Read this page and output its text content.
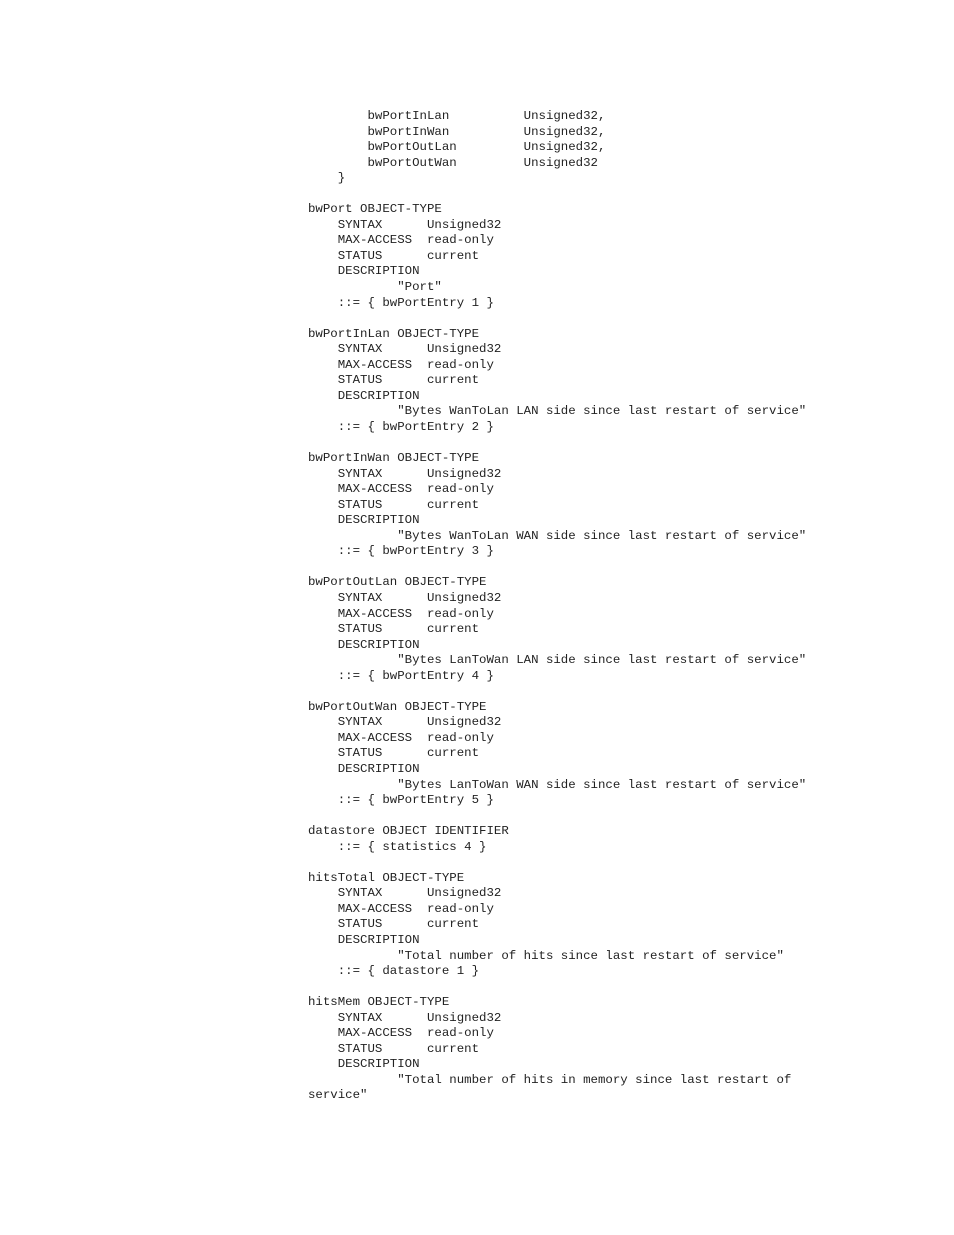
bwPortInLan          Unsigned32,
bwPortInWan          Unsigned32,
bwPortOutLan         Unsigned32,
bwPortOutWan         Unsigned32
}
bwPort OBJECT-TYPE
SYNTAX      Unsigned32
MAX-ACCESS  read-only
STATUS      current
DESCRIPTION
"Port"
::= { bwPortEntry 1 }
bwPortInLan OBJECT-TYPE
SYNTAX      Unsigned32
MAX-ACCESS  read-only
STATUS      current
DESCRIPTION
"Bytes WanToLan LAN side since last restart of service"
::= { bwPortEntry 2 }
bwPortInWan OBJECT-TYPE
SYNTAX      Unsigned32
MAX-ACCESS  read-only
STATUS      current
DESCRIPTION
"Bytes WanToLan WAN side since last restart of service"
::= { bwPortEntry 3 }
bwPortOutLan OBJECT-TYPE
SYNTAX      Unsigned32
MAX-ACCESS  read-only
STATUS      current
DESCRIPTION
"Bytes LanToWan LAN side since last restart of service"
::= { bwPortEntry 4 }
bwPortOutWan OBJECT-TYPE
SYNTAX      Unsigned32
MAX-ACCESS  read-only
STATUS      current
DESCRIPTION
"Bytes LanToWan WAN side since last restart of service"
::= { bwPortEntry 5 }
datastore OBJECT IDENTIFIER
::= { statistics 4 }
hitsTotal OBJECT-TYPE
SYNTAX      Unsigned32
MAX-ACCESS  read-only
STATUS      current
DESCRIPTION
"Total number of hits since last restart of service"
::= { datastore 1 }
hitsMem OBJECT-TYPE
SYNTAX      Unsigned32
MAX-ACCESS  read-only
STATUS      current
DESCRIPTION
"Total number of hits in memory since last restart of
service"
